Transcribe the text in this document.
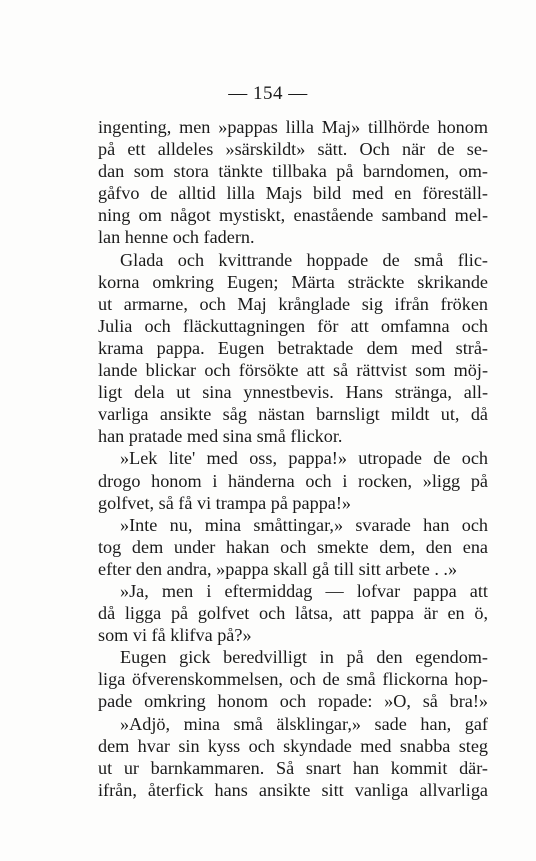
— 154 —
ingenting, men »pappas lilla Maj» tillhörde honom
på ett alldeles »särskildt» sätt. Och när de se-
dan som stora tänkte tillbaka på barndomen, om-
gåfvo de alltid lilla Majs bild med en föreställ-
ning om något mystiskt, enastående samband mel-
lan henne och fadern.
Glada och kvittrande hoppade de små flic-
korna omkring Eugen; Märta sträckte skrikande
ut armarne, och Maj krånglade sig ifrån fröken
Julia och fläckuttagningen för att omfamna och
krama pappa. Eugen betraktade dem med strå-
lande blickar och försökte att så rättvist som möj-
ligt dela ut sina ynnestbevis. Hans stränga, all-
varliga ansikte såg nästan barnsligt mildt ut, då
han pratade med sina små flickor.
»Lek lite' med oss, pappa!» utropade de och
drogo honom i händerna och i rocken, »ligg på
golfvet, så få vi trampa på pappa!»
»Inte nu, mina småttingar,» svarade han och
tog dem under hakan och smekte dem, den ena
efter den andra, »pappa skall gå till sitt arbete . .»
»Ja, men i eftermiddag — lofvar pappa att
då ligga på golfvet och låtsa, att pappa är en ö,
som vi få klifva på?»
Eugen gick beredvilligt in på den egendom-
liga öfverenskommelsen, och de små flickorna hop-
pade omkring honom och ropade: »O, så bra!»
»Adjö, mina små älsklingar,» sade han, gaf
dem hvar sin kyss och skyndade med snabba steg
ut ur barnkammaren. Så snart han kommit där-
ifrån, återfick hans ansikte sitt vanliga allvarliga
